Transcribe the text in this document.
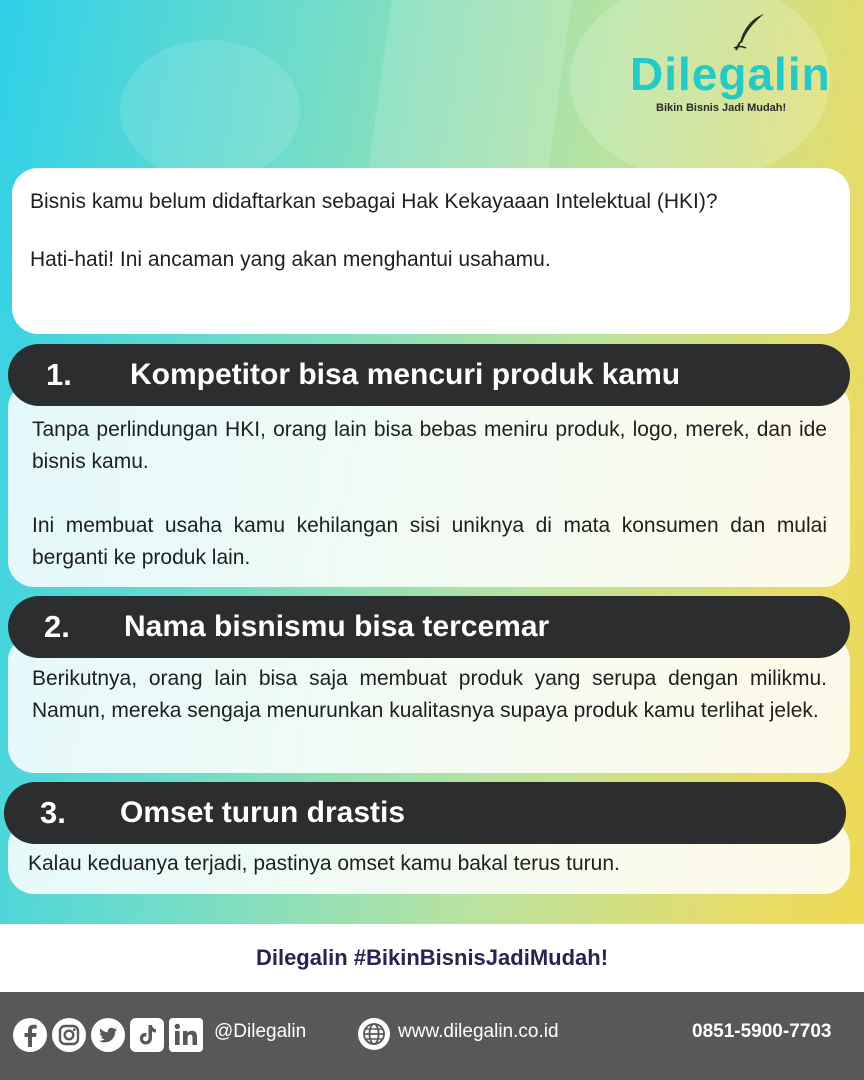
Dilegalin
Bikin Bisnis Jadi Mudah!

Bisnis kamu belum didaftarkan sebagai Hak Kekayaaan Intelektual (HKI)?

Hati-hati! Ini ancaman yang akan menghantui usahamu.

Tanpa perlindungan HKI, orang lain bisa bebas meniru produk, logo, merek, dan ide bisnis kamu.

Ini membuat usaha kamu kehilangan sisi uniknya di mata konsumen dan mulai berganti ke produk lain.

1. Kompetitor bisa mencuri produk kamu

Berikutnya, orang lain bisa saja membuat produk yang serupa dengan milikmu. Namun, mereka sengaja menurunkan kualitasnya supaya produk kamu terlihat jelek.

2. Nama bisnismu bisa tercemar

Kalau keduanya terjadi, pastinya omset kamu bakal terus turun.

3. Omset turun drastis
Dilegalin #BikinBisnisJadiMudah!
@Dilegalin	www.dilegalin.co.id	0851-5900-7703
